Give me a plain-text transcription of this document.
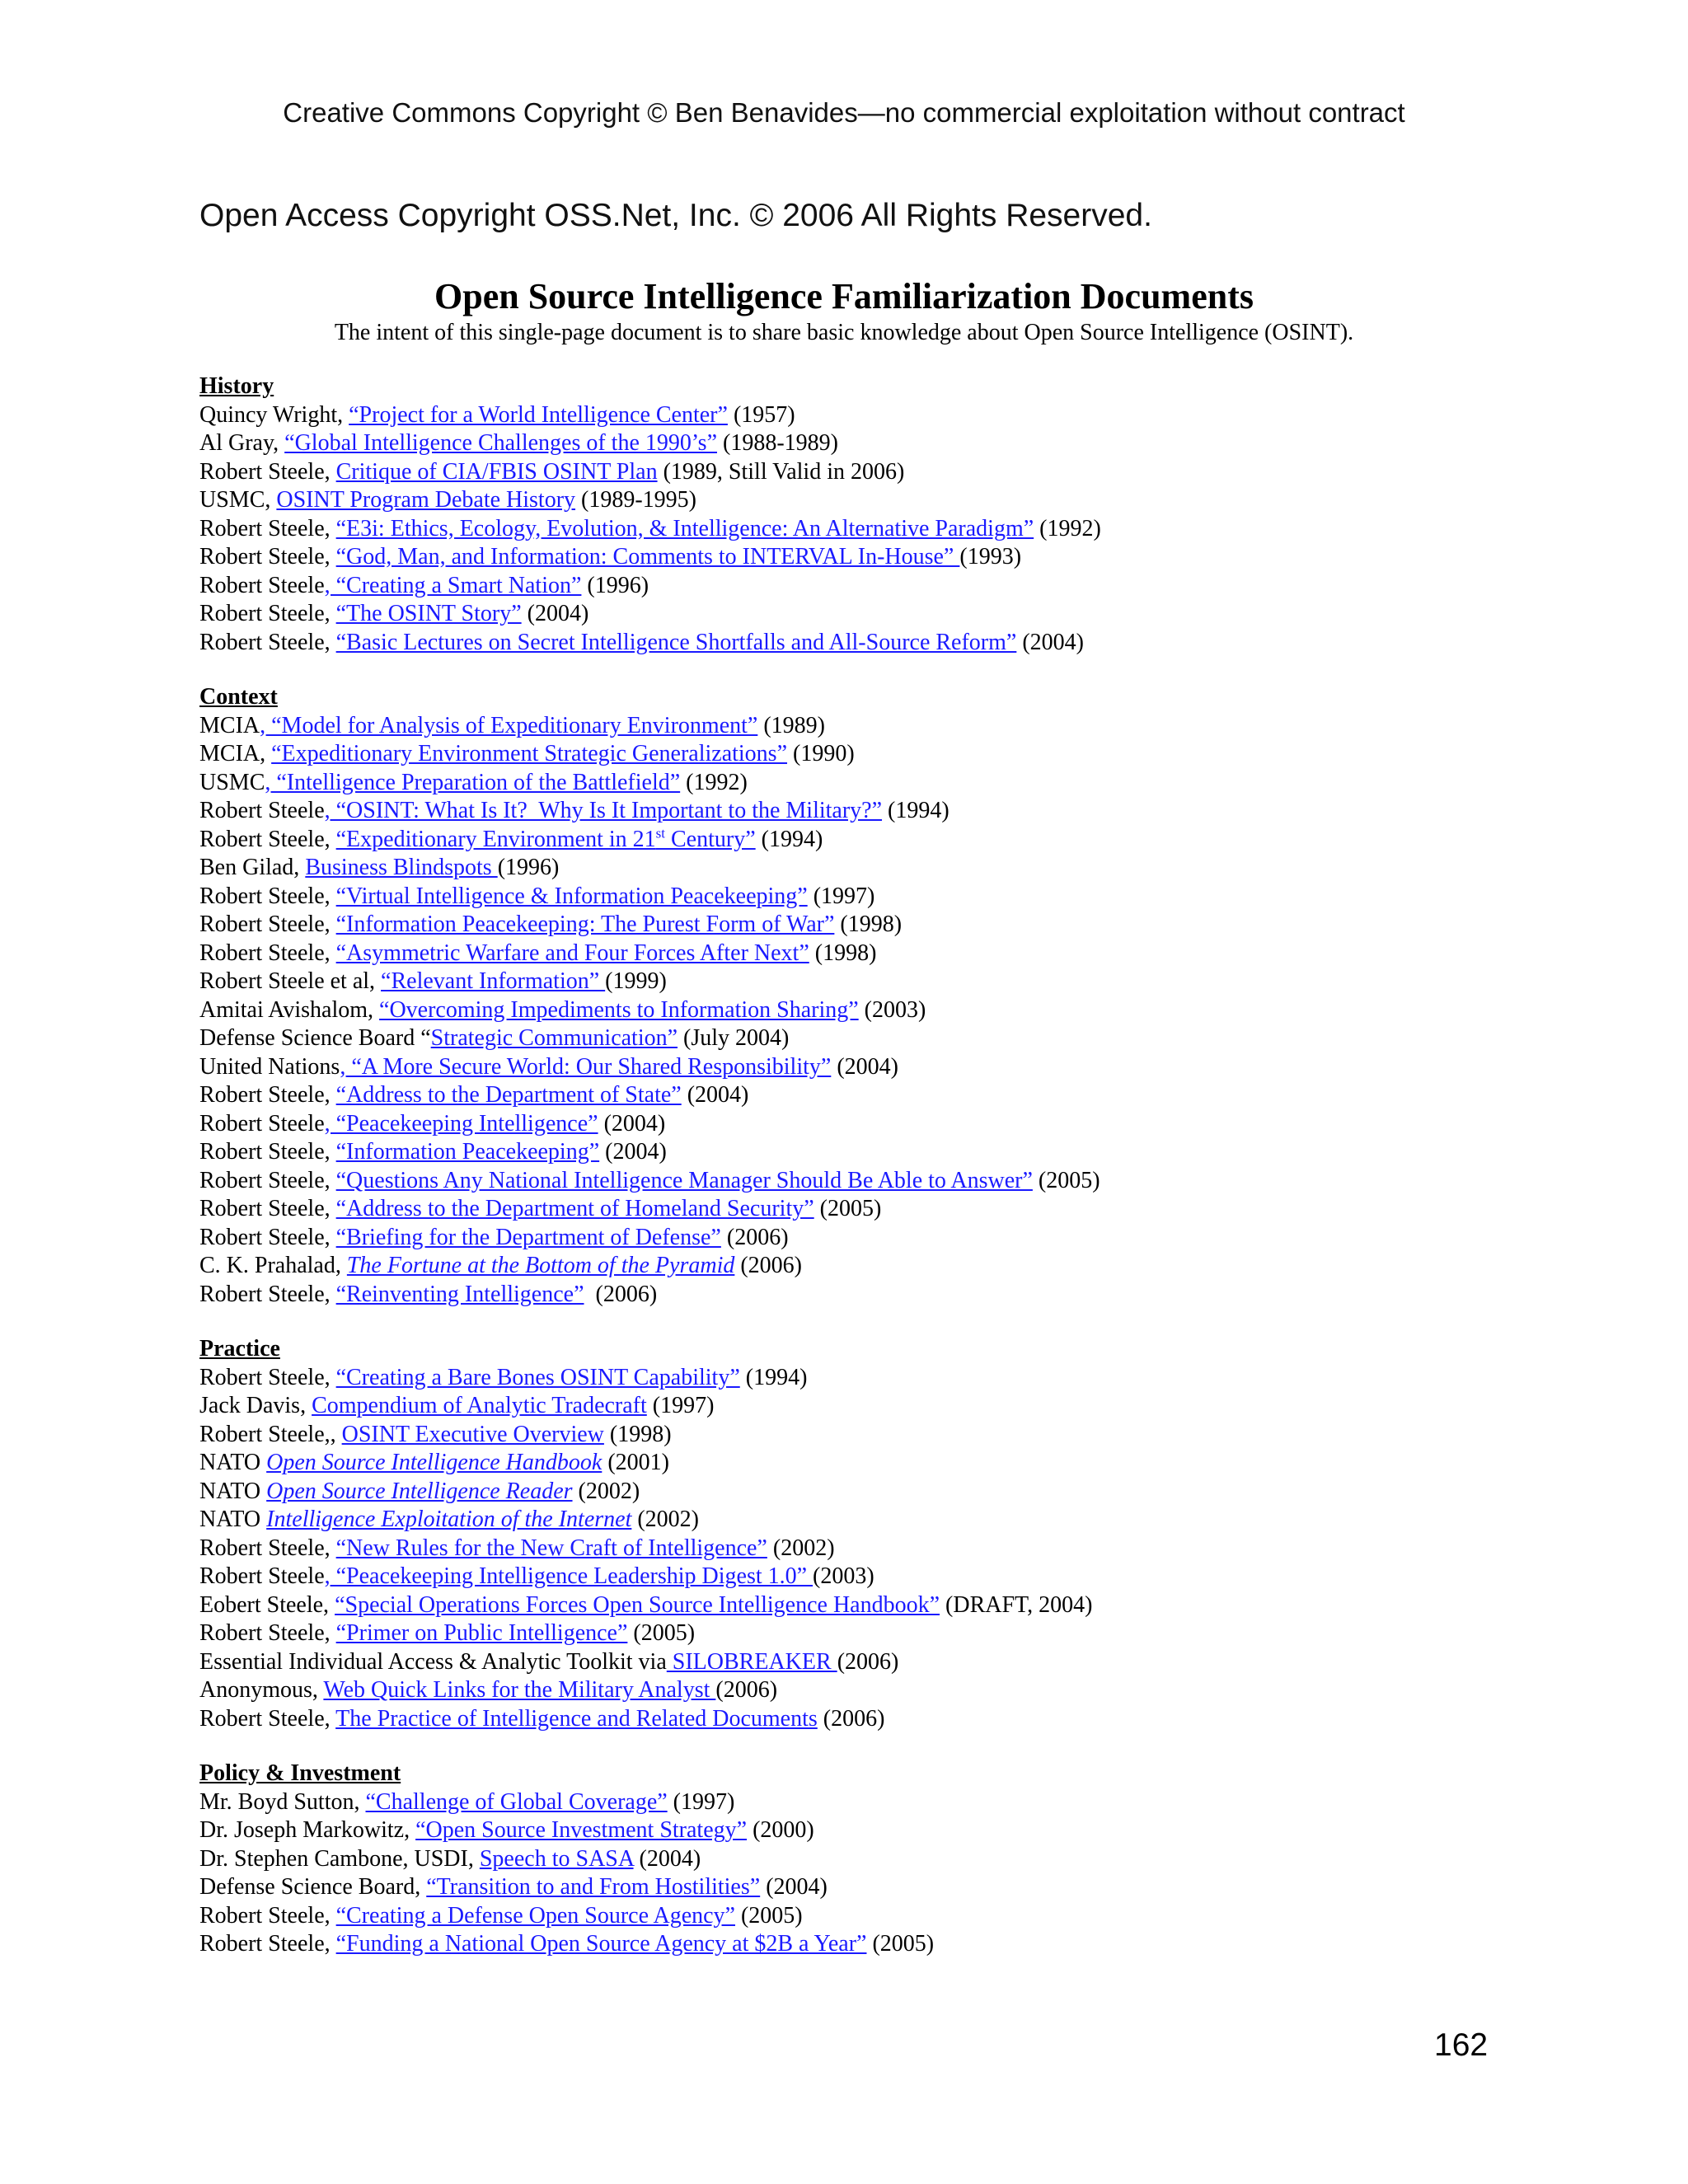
Creative Commons Copyright © Ben Benavides—no commercial exploitation without contract
Open Access Copyright OSS.Net, Inc. © 2006 All Rights Reserved.
Open Source Intelligence Familiarization Documents
The intent of this single-page document is to share basic knowledge about Open Source Intelligence (OSINT).
History
Quincy Wright, “Project for a World Intelligence Center” (1957)
Al Gray, “Global Intelligence Challenges of the 1990’s” (1988-1989)
Robert Steele, Critique of CIA/FBIS OSINT Plan (1989, Still Valid in 2006)
USMC, OSINT Program Debate History (1989-1995)
Robert Steele, “E3i: Ethics, Ecology, Evolution, & Intelligence: An Alternative Paradigm” (1992)
Robert Steele, “God, Man, and Information: Comments to INTERVAL In-House” (1993)
Robert Steele, “Creating a Smart Nation” (1996)
Robert Steele, “The OSINT Story” (2004)
Robert Steele, “Basic Lectures on Secret Intelligence Shortfalls and All-Source Reform” (2004)
Context
MCIA, “Model for Analysis of Expeditionary Environment” (1989)
MCIA, “Expeditionary Environment Strategic Generalizations” (1990)
USMC, “Intelligence Preparation of the Battlefield” (1992)
Robert Steele, “OSINT: What Is It?  Why Is It Important to the Military?” (1994)
Robert Steele, “Expeditionary Environment in 21st Century” (1994)
Ben Gilad, Business Blindspots (1996)
Robert Steele, “Virtual Intelligence & Information Peacekeeping” (1997)
Robert Steele, “Information Peacekeeping: The Purest Form of War” (1998)
Robert Steele, “Asymmetric Warfare and Four Forces After Next” (1998)
Robert Steele et al, “Relevant Information” (1999)
Amitai Avishalom, “Overcoming Impediments to Information Sharing” (2003)
Defense Science Board “Strategic Communication” (July 2004)
United Nations, “A More Secure World: Our Shared Responsibility” (2004)
Robert Steele, “Address to the Department of State” (2004)
Robert Steele, “Peacekeeping Intelligence” (2004)
Robert Steele, “Information Peacekeeping” (2004)
Robert Steele, “Questions Any National Intelligence Manager Should Be Able to Answer” (2005)
Robert Steele, “Address to the Department of Homeland Security” (2005)
Robert Steele, “Briefing for the Department of Defense” (2006)
C. K. Prahalad, The Fortune at the Bottom of the Pyramid (2006)
Robert Steele, “Reinventing Intelligence”  (2006)
Practice
Robert Steele, “Creating a Bare Bones OSINT Capability” (1994)
Jack Davis, Compendium of Analytic Tradecraft (1997)
Robert Steele,, OSINT Executive Overview (1998)
NATO Open Source Intelligence Handbook (2001)
NATO Open Source Intelligence Reader (2002)
NATO Intelligence Exploitation of the Internet (2002)
Robert Steele, “New Rules for the New Craft of Intelligence” (2002)
Robert Steele, “Peacekeeping Intelligence Leadership Digest 1.0” (2003)
Eobert Steele, “Special Operations Forces Open Source Intelligence Handbook” (DRAFT, 2004)
Robert Steele, “Primer on Public Intelligence” (2005)
Essential Individual Access & Analytic Toolkit via SILOBREAKER (2006)
Anonymous, Web Quick Links for the Military Analyst (2006)
Robert Steele, The Practice of Intelligence and Related Documents (2006)
Policy & Investment
Mr. Boyd Sutton, “Challenge of Global Coverage” (1997)
Dr. Joseph Markowitz, “Open Source Investment Strategy” (2000)
Dr. Stephen Cambone, USDI, Speech to SASA (2004)
Defense Science Board, “Transition to and From Hostilities” (2004)
Robert Steele, “Creating a Defense Open Source Agency” (2005)
Robert Steele, “Funding a National Open Source Agency at $2B a Year” (2005)
162
